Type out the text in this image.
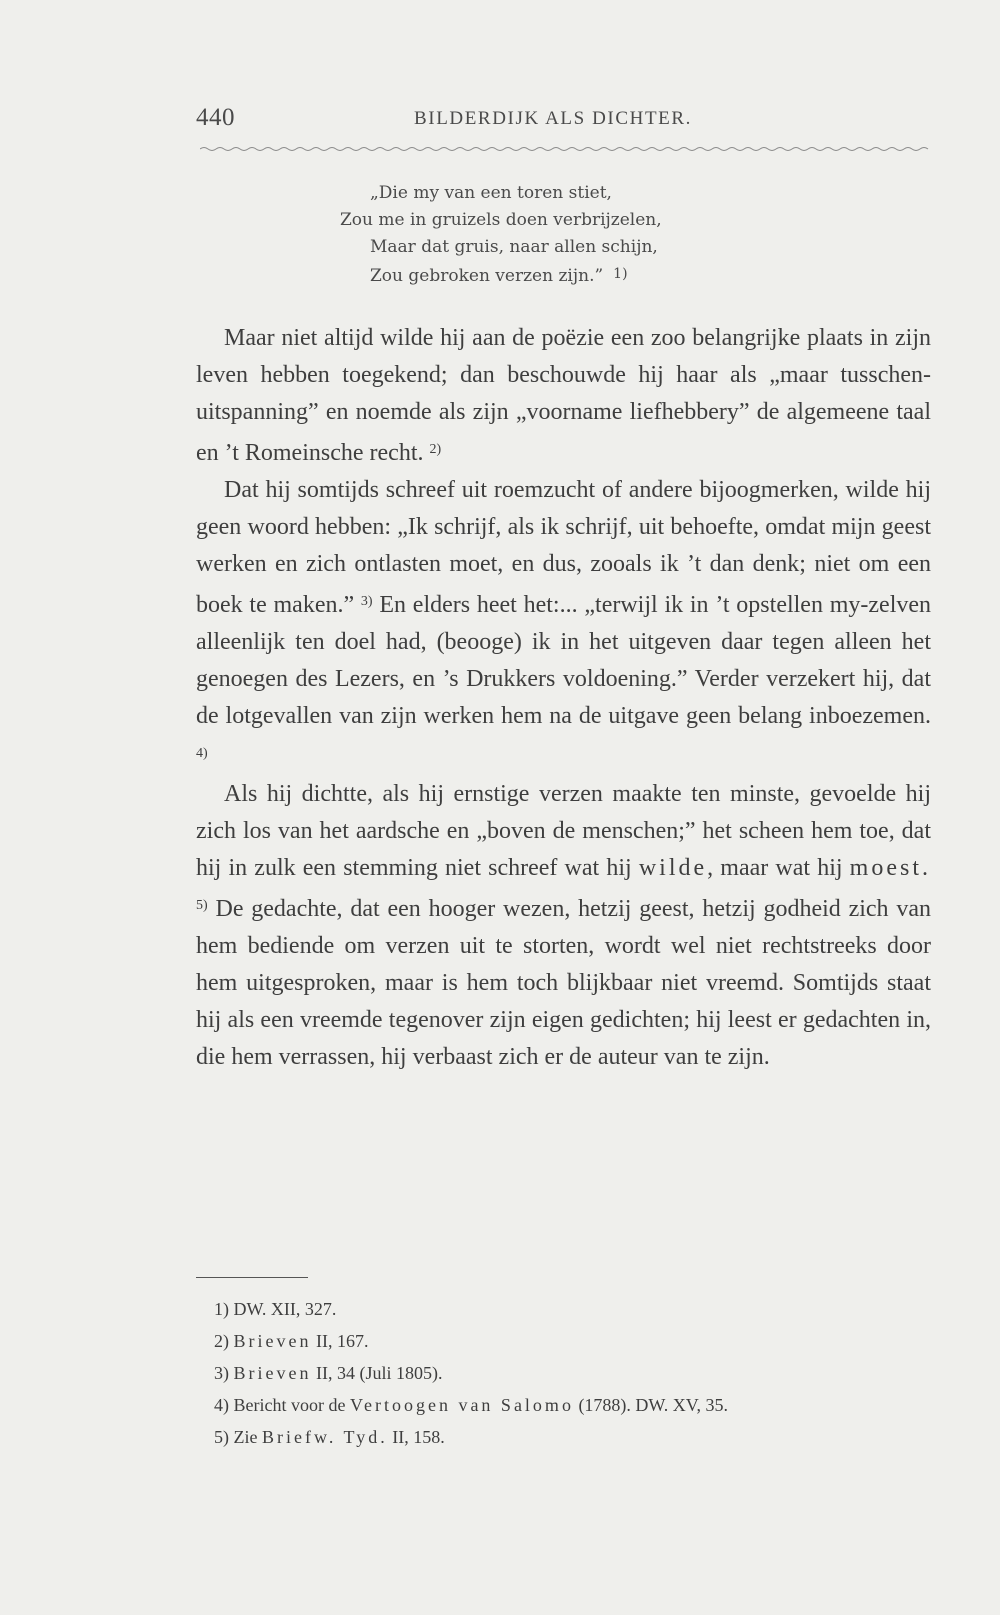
440	BILDERDIJK ALS DICHTER.
„Die my van een toren stiet,
Zou me in gruizels doen verbrijzelen,
Maar dat gruis, naar allen schijn,
Zou gebroken verzen zijn.” 1)

Maar niet altijd wilde hij aan de poëzie een zoo belangrijke plaats in zijn leven hebben toegekend; dan beschouwde hij haar als „maar tusschen-uitspanning” en noemde als zijn „voorname liefhebbery” de algemeene taal en ’t Romeinsche recht. $^{2)}$

Dat hij somtijds schreef uit roemzucht of andere bijoogmerken, wilde hij geen woord hebben: „Ik schrijf, als ik schrijf, uit behoefte, omdat mijn geest werken en zich ontlasten moet, en dus, zooals ik ’t dan denk; niet om een boek te maken.” $^{3)}$ En elders heet het:... „terwijl ik in ’t opstellen my-zelven alleenlijk ten doel had, (beooge) ik in het uitgeven daar tegen alleen het genoegen des Lezers, en ’s Drukkers voldoening.” Verder verzekert hij, dat de lotgevallen van zijn werken hem na de uitgave geen belang inboezemen. $^{4)}$

Als hij dichtte, als hij ernstige verzen maakte ten minste, gevoelde hij zich los van het aardsche en „boven de menschen;” het scheen hem toe, dat hij in zulk een stemming niet schreef wat hij wilde, maar wat hij moest. $^{5)}$ De gedachte, dat een hooger wezen, hetzij geest, hetzij godheid zich van hem bediende om verzen uit te storten, wordt wel niet rechtstreeks door hem uitgesproken, maar is hem toch blijkbaar niet vreemd. Somtijds staat hij als een vreemde tegenover zijn eigen gedichten; hij leest er gedachten in, die hem verrassen, hij verbaast zich er de auteur van te zijn.

1) DW. XII, 327.
2) Brieven II, 167.
3) Brieven II, 34 (Juli 1805).
4) Bericht voor de Vertoogen van Salomo (1788). DW. XV, 35.
5) Zie Briefw. Tyd. II, 158.
